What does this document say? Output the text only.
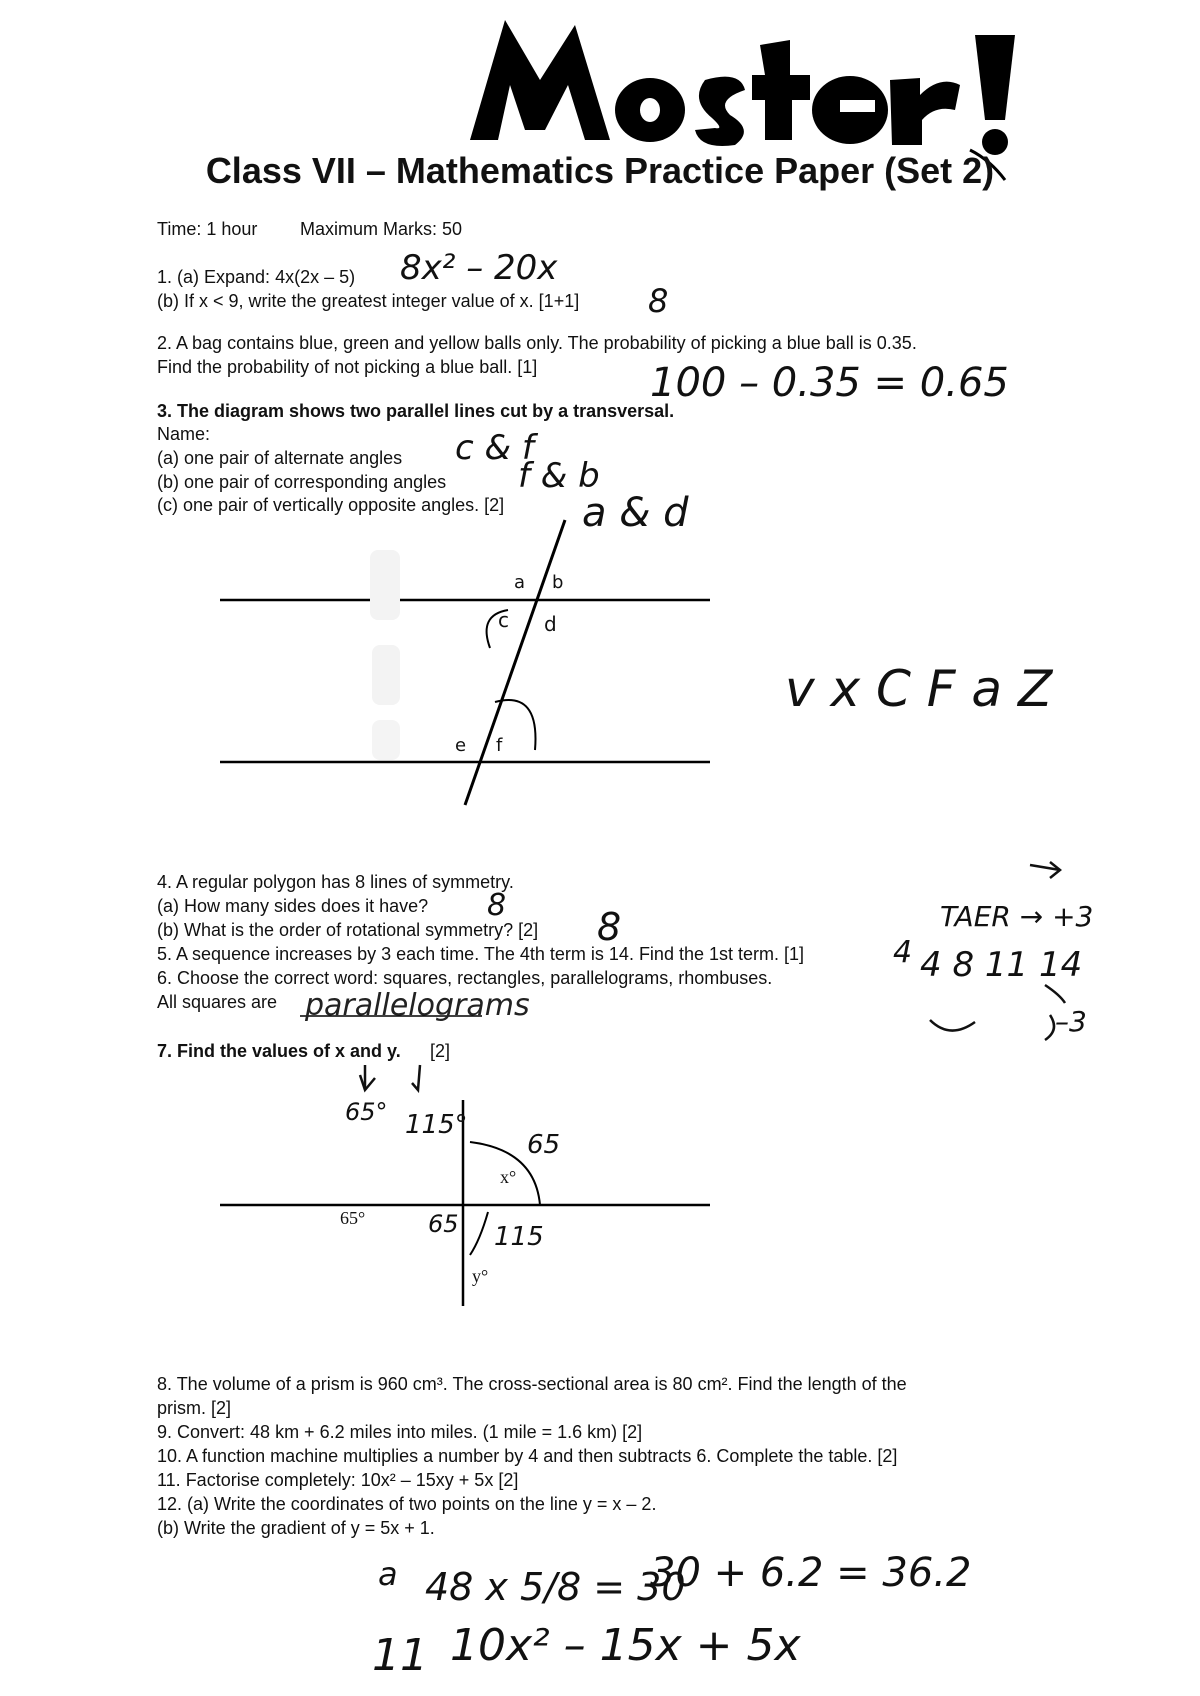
Class VII – Mathematics Practice Paper (Set 2)
Time: 1 hour Maximum Marks: 50
1. (a) Expand: 4x(2x – 5) 8x² – 20x
(b) If x < 9, write the greatest integer value of x. [1+1] 8
2. A bag contains blue, green and yellow balls only. The probability of picking a blue ball is 0.35.
Find the probability of not picking a blue ball. [1]	100 – 0.35 = 0.65
3. The diagram shows two parallel lines cut by a transversal.
Name:
(a) one pair of alternate angles c & f
(b) one pair of corresponding angles f & b
(c) one pair of vertically opposite angles. [2] a & d
a b
c d
e f
v x C F a Z
4. A regular polygon has 8 lines of symmetry.
(a) How many sides does it have? 8
(b) What is the order of rotational symmetry? [2] 8
5. A sequence increases by 3 each time. The 4th term is 14. Find the 1st term. [1]	4
TAER → +3
4 8 11 14
–3
6. Choose the correct word: squares, rectangles, parallelograms, rhombuses.
All squares are parallelograms
7. Find the values of x and y. [2]
65° 115°
65
65°
x°
y°
65 115
8. The volume of a prism is 960 cm³. The cross-sectional area is 80 cm². Find the length of the
prism. [2]
9. Convert: 48 km + 6.2 miles into miles. (1 mile = 1.6 km) [2]
10. A function machine multiplies a number by 4 and then subtracts 6. Complete the table. [2]
11. Factorise completely: 10x² – 15xy + 5x [2]
12. (a) Write the coordinates of two points on the line y = x – 2.
(b) Write the gradient of y = 5x + 1.
a 48 x 5/8 = 30
30 + 6.2 = 36.2
11 10x² – 15x + 5x
